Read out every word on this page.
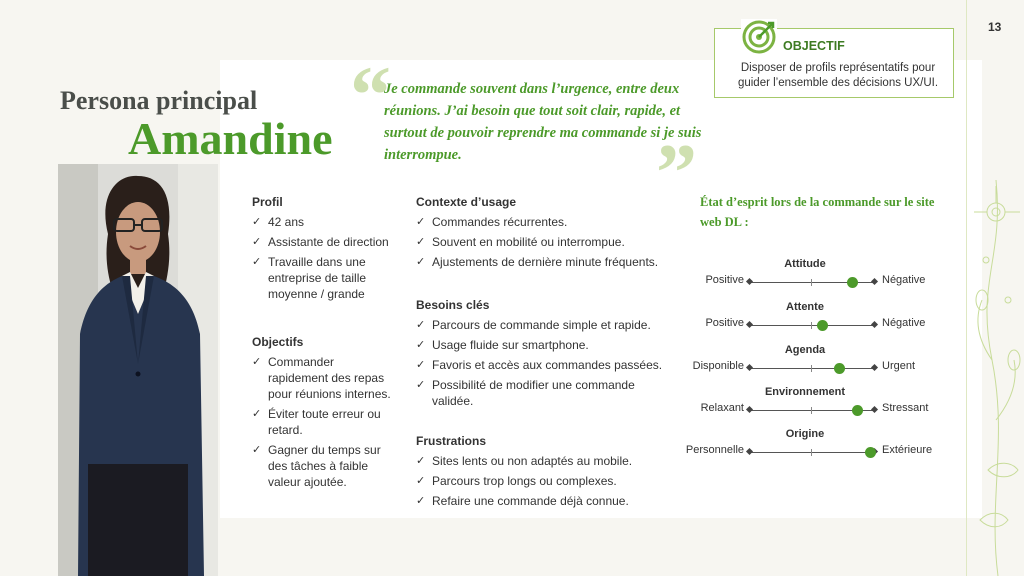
13
Persona principal
Amandine “
”
Je commande souvent dans l’urgence, entre deux réunions. J’ai besoin que tout soit clair, rapide, et surtout de pouvoir reprendre ma commande si je suis interrompue.
OBJECTIF
Disposer de profils représentatifs pour guider l’ensemble des décisions UX/UI.
Profil
✓ 42 ans
✓ Assistante de direction
✓ Travaille dans une entreprise de taille moyenne / grande
Objectifs
✓ Commander rapidement des repas pour réunions internes.
✓ Éviter toute erreur ou retard.
✓ Gagner du temps sur des tâches à faible valeur ajoutée.
Contexte d’usage
✓ Commandes récurrentes.
✓ Souvent en mobilité ou interrompue.
✓ Ajustements de dernière minute fréquents.
Besoins clés
✓ Parcours de commande simple et rapide.
✓ Usage fluide sur smartphone.
✓ Favoris et accès aux commandes passées.
✓ Possibilité de modifier une commande validée.
Frustrations
✓ Sites lents ou non adaptés au mobile.
✓ Parcours trop longs ou complexes.
✓ Refaire une commande déjà connue.
État d’esprit lors de la commande sur le site web DL :
Attitude
Positive	Négative
Attente
Positive	Négative
Agenda
Disponible	Urgent
Environnement
Relaxant	Stressant
Origine
Personnelle	Extérieure
